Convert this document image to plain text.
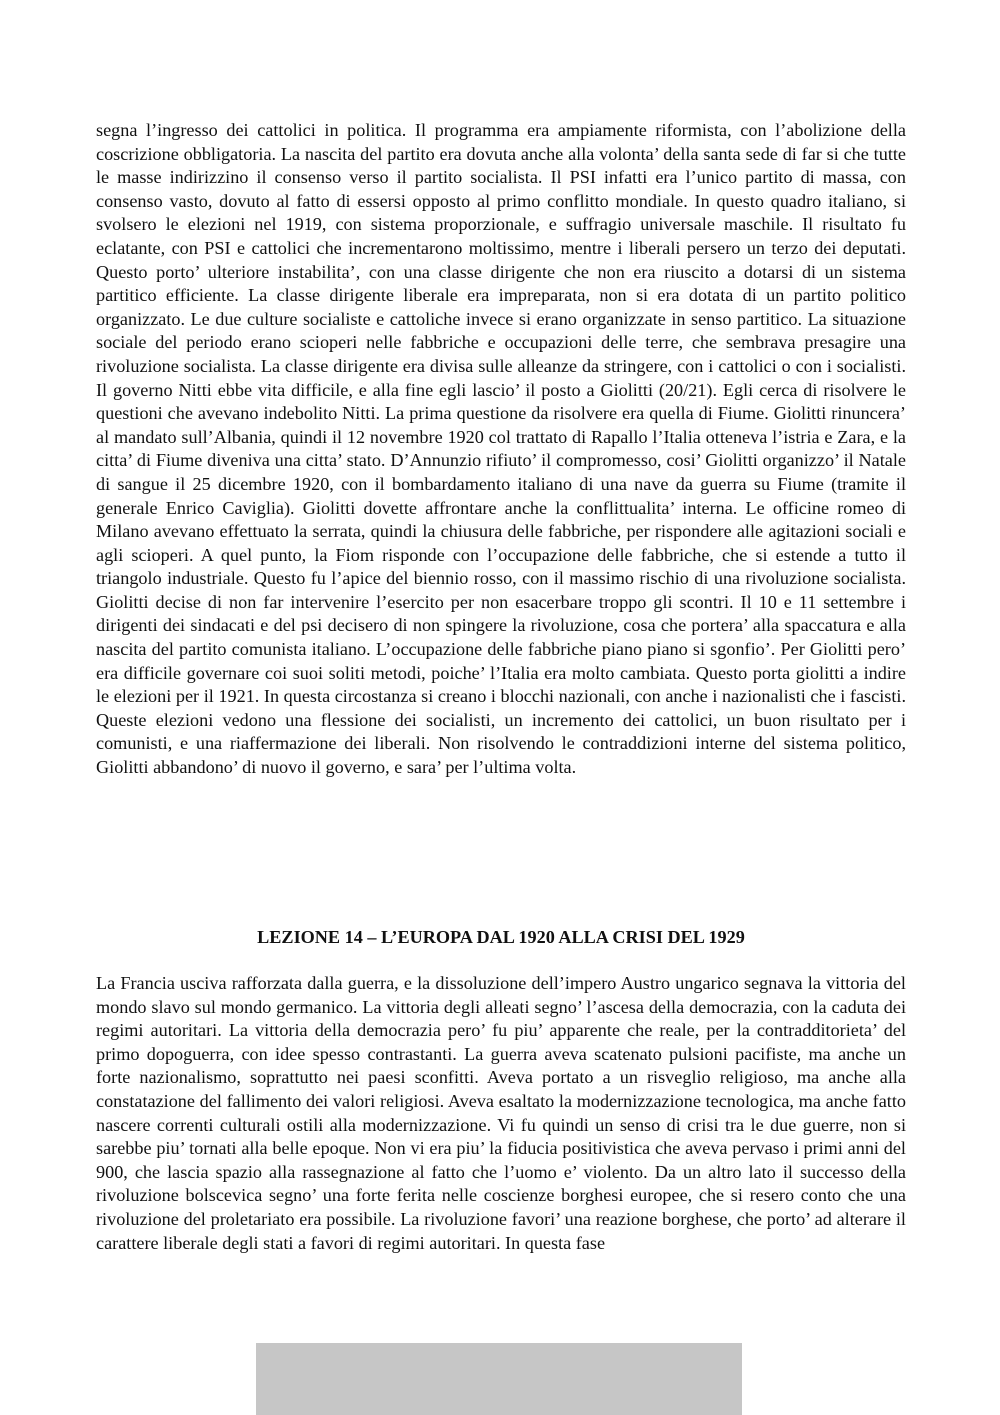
segna l’ingresso dei cattolici in politica. Il programma era ampiamente riformista, con l’abolizione della coscrizione obbligatoria. La nascita del partito era dovuta anche alla volonta’ della santa sede di far si che tutte le masse indirizzino il consenso verso il partito socialista. Il PSI infatti era l’unico partito di massa, con consenso vasto, dovuto al fatto di essersi opposto al primo conflitto mondiale. In questo quadro italiano, si svolsero le elezioni nel 1919, con sistema proporzionale, e suffragio universale maschile. Il risultato fu eclatante, con PSI e cattolici che incrementarono moltissimo, mentre i liberali persero un terzo dei deputati. Questo porto’ ulteriore instabilita’, con una classe dirigente che non era riuscito a dotarsi di un sistema partitico efficiente. La classe dirigente liberale era impreparata, non si era dotata di un partito politico organizzato. Le due culture socialiste e cattoliche invece si erano organizzate in senso partitico. La situazione sociale del periodo erano scioperi nelle fabbriche e occupazioni delle terre, che sembrava presagire una rivoluzione socialista. La classe dirigente era divisa sulle alleanze da stringere, con i cattolici o con i socialisti. Il governo Nitti ebbe vita difficile, e alla fine egli lascio’ il posto a Giolitti (20/21). Egli cerca di risolvere le questioni che avevano indebolito Nitti. La prima questione da risolvere era quella di Fiume. Giolitti rinuncera’ al mandato sull’Albania, quindi il 12 novembre 1920 col trattato di Rapallo l’Italia otteneva l’istria e Zara, e la citta’ di Fiume diveniva una citta’ stato. D’Annunzio rifiuto’ il compromesso, cosi’ Giolitti organizzo’ il Natale di sangue il 25 dicembre 1920, con il bombardamento italiano di una nave da guerra su Fiume (tramite il generale Enrico Caviglia). Giolitti dovette affrontare anche la conflittualita’ interna. Le officine romeo di Milano avevano effettuato la serrata, quindi la chiusura delle fabbriche, per rispondere alle agitazioni sociali e agli scioperi. A quel punto, la Fiom risponde con l’occupazione delle fabbriche, che si estende a tutto il triangolo industriale. Questo fu l’apice del biennio rosso, con il massimo rischio di una rivoluzione socialista. Giolitti decise di non far intervenire l’esercito per non esacerbare troppo gli scontri. Il 10 e 11 settembre i dirigenti dei sindacati e del psi decisero di non spingere la rivoluzione, cosa che portera’ alla spaccatura e alla nascita del partito comunista italiano. L’occupazione delle fabbriche piano piano si sgonfio’. Per Giolitti pero’ era difficile governare coi suoi soliti metodi, poiche’ l’Italia era molto cambiata. Questo porta giolitti a indire le elezioni per il 1921. In questa circostanza si creano i blocchi nazionali, con anche i nazionalisti che i fascisti. Queste elezioni vedono una flessione dei socialisti, un incremento dei cattolici, un buon risultato per i comunisti, e una riaffermazione dei liberali. Non risolvendo le contraddizioni interne del sistema politico, Giolitti abbandono’ di nuovo il governo, e sara’ per l’ultima volta.

LEZIONE 14 – L’EUROPA DAL 1920 ALLA CRISI DEL 1929

La Francia usciva rafforzata dalla guerra, e la dissoluzione dell’impero Austro ungarico segnava la vittoria del mondo slavo sul mondo germanico. La vittoria degli alleati segno’ l’ascesa della democrazia, con la caduta dei regimi autoritari. La vittoria della democrazia pero’ fu piu’ apparente che reale, per la contradditorieta’ del primo dopoguerra, con idee spesso contrastanti. La guerra aveva scatenato pulsioni pacifiste, ma anche un forte nazionalismo, soprattutto nei paesi sconfitti. Aveva portato a un risveglio religioso, ma anche alla constatazione del fallimento dei valori religiosi. Aveva esaltato la modernizzazione tecnologica, ma anche fatto nascere correnti culturali ostili alla modernizzazione. Vi fu quindi un senso di crisi tra le due guerre, non si sarebbe piu’ tornati alla belle epoque. Non vi era piu’ la fiducia positivistica che aveva pervaso i primi anni del 900, che lascia spazio alla rassegnazione al fatto che l’uomo e’ violento. Da un altro lato il successo della rivoluzione bolscevica segno’ una forte ferita nelle coscienze borghesi europee, che si resero conto che una rivoluzione del proletariato era possibile. La rivoluzione favori’ una reazione borghese, che porto’ ad alterare il carattere liberale degli stati a favori di regimi autoritari. In questa fase
